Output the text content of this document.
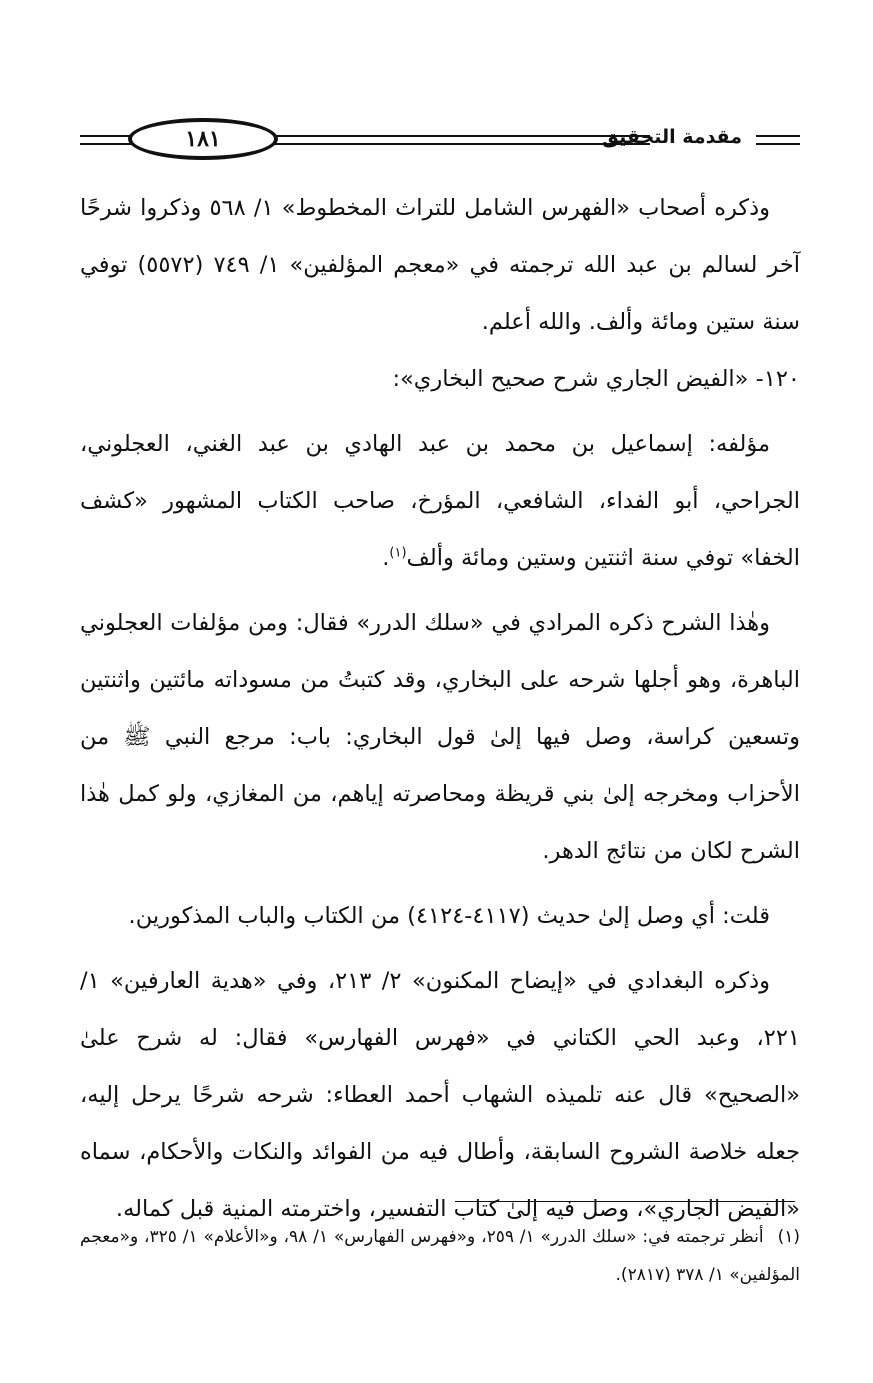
١٨١	مقدمة التحقيق

وذكره أصحاب «الفهرس الشامل للتراث المخطوط» ١/ ٥٦٨ وذكروا شرحًا آخر لسالم بن عبد الله ترجمته في «معجم المؤلفين» ١/ ٧٤٩ (٥٥٧٢) توفي سنة ستين ومائة وألف. والله أعلم.

١٢٠- «الفيض الجاري شرح صحيح البخاري»:

مؤلفه: إسماعيل بن محمد بن عبد الهادي بن عبد الغني، العجلوني، الجراحي، أبو الفداء، الشافعي، المؤرخ، صاحب الكتاب المشهور «كشف الخفا» توفي سنة اثنتين وستين ومائة وألف$^{(١)}$.

وهٰذا الشرح ذكره المرادي في «سلك الدرر» فقال: ومن مؤلفات العجلوني الباهرة، وهو أجلها شرحه على البخاري، وقد كتبتُ من مسوداته مائتين واثنتين وتسعين كراسة، وصل فيها إلىٰ قول البخاري: باب: مرجع النبي ﷺ من الأحزاب ومخرجه إلىٰ بني قريظة ومحاصرته إياهم، من المغازي، ولو كمل هٰذا الشرح لكان من نتائج الدهر.

قلت: أي وصل إلىٰ حديث (٤١١٧-٤١٢٤) من الكتاب والباب المذكورين.

وذكره البغدادي في «إيضاح المكنون» ٢/ ٢١٣، وفي «هدية العارفين» ١/ ٢٢١، وعبد الحي الكتاني في «فهرس الفهارس» فقال: له شرح علىٰ «الصحيح» قال عنه تلميذه الشهاب أحمد العطاء: شرحه شرحًا يرحل إليه، جعله خلاصة الشروح السابقة، وأطال فيه من الفوائد والنكات والأحكام، سماه «الفيض الجاري»، وصل فيه إلىٰ كتاب التفسير، واخترمته المنية قبل كماله.

(١)أنظر ترجمته في: «سلك الدرر» ١/ ٢٥٩، و«فهرس الفهارس» ١/ ٩٨، و«الأعلام» ١/ ٣٢٥، و«معجم المؤلفين» ١/ ٣٧٨ (٢٨١٧).
